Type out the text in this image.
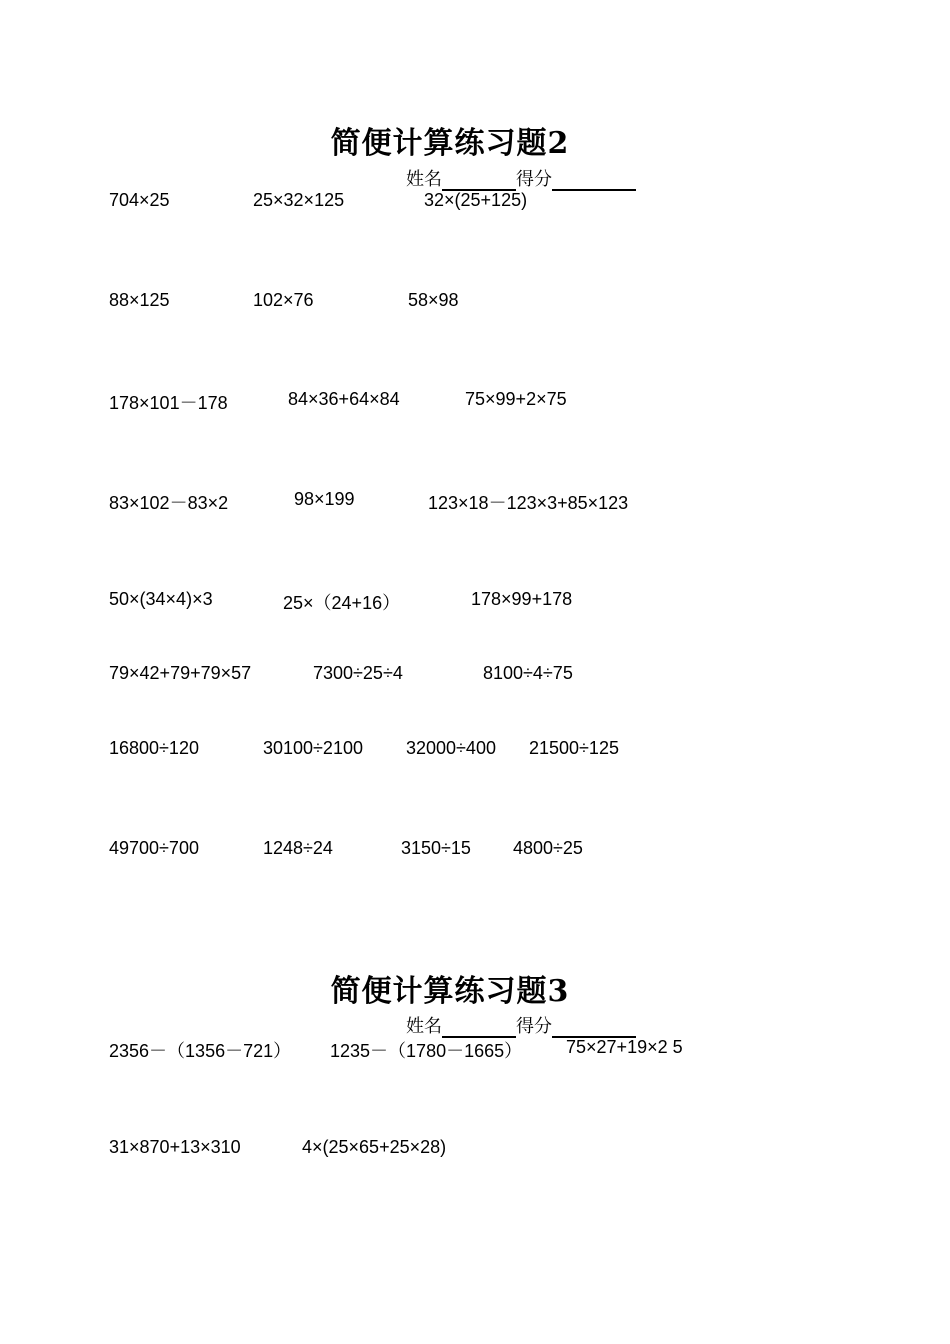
简便计算练习题2
姓名	得分
704×25	25×32×125	32×(25+125)
88×125	102×76	58×98
178×101－178	84×36+64×84	75×99+2×75
83×102－83×2	98×199	123×18－123×3+85×123
50×(34×4)×3	25×（24+16）	178×99+178
79×42+79+79×57	7300÷25÷4	8100÷4÷75
16800÷120	30100÷2100 32000÷400 21500÷125
49700÷700	1248÷24	3150÷15 4800÷25
简便计算练习题3
姓名	得分
2356－（1356－721） 1235－（1780－1665） 75×27+19×2 5
31×870+13×310	4×(25×65+25×28)
